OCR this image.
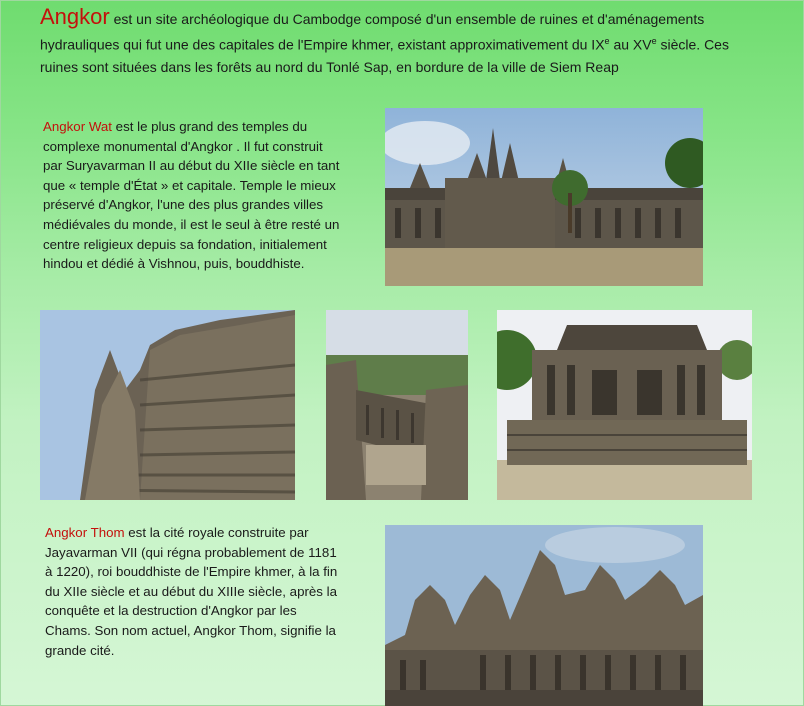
Angkor est un site archéologique du Cambodge composé d'un ensemble de ruines et d'aménagements hydrauliques qui fut une des capitales de l'Empire khmer, existant approximativement du IXe au XVe siècle. Ces ruines sont situées dans les forêts au nord du Tonlé Sap, en bordure de la ville de Siem Reap
Angkor Wat est le plus grand des temples du complexe monumental d'Angkor . Il fut construit par Suryavarman II au début du XIIe siècle en tant que « temple d'État » et capitale. Temple le mieux préservé d'Angkor, l'une des plus grandes villes médiévales du monde, il est le seul à être resté un centre religieux depuis sa fondation, initialement hindou et dédié à Vishnou, puis, bouddhiste.
Angkor Thom est la cité royale construite par Jayavarman VII (qui régna probablement de 1181 à 1220), roi bouddhiste de l'Empire khmer, à la fin du XIIe siècle et au début du XIIIe siècle, après la conquête et la destruction d'Angkor par les Chams. Son nom actuel, Angkor Thom, signifie la grande cité.
